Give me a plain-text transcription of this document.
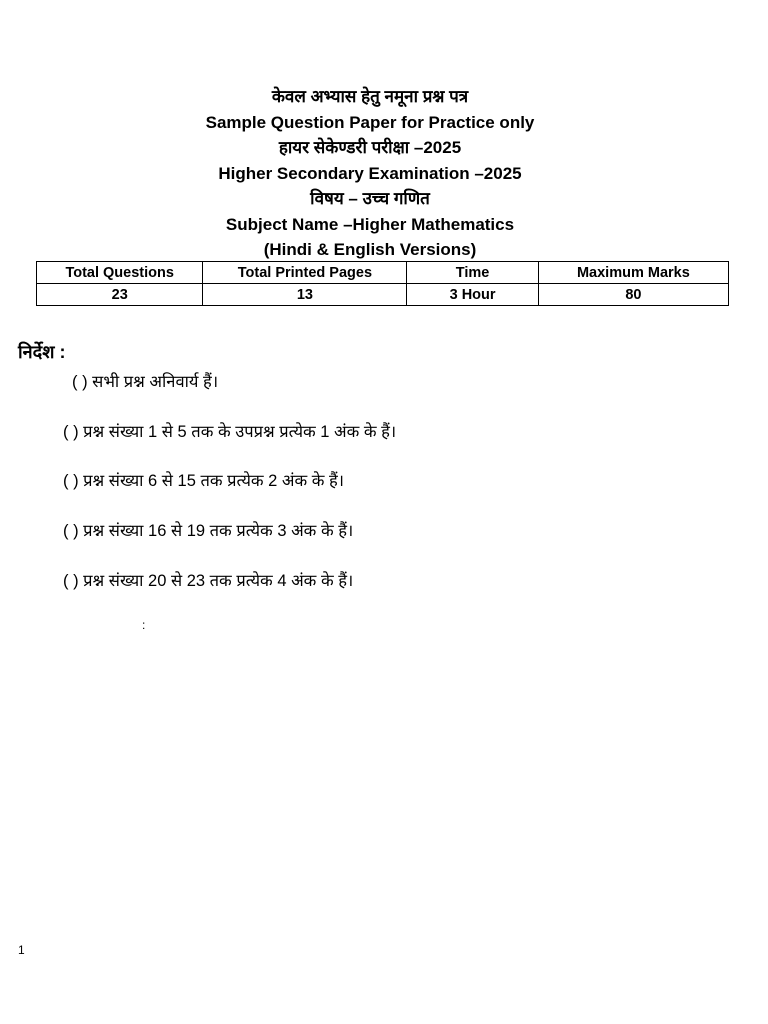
केवल अभ्यास हेतु नमूना प्रश्न पत्र
Sample Question Paper for Practice only
हायर सेकेण्डरी परीक्षा –2025
Higher Secondary Examination –2025
विषय – उच्च गणित
Subject Name –Higher Mathematics
(Hindi & English Versions)
Total Questions	Total Printed Pages	Time	Maximum Marks
23	13	3 Hour	80
निर्देश :
( ) सभी प्रश्न अनिवार्य हैं।
( ) प्रश्न संख्या 1 से 5 तक के उपप्रश्न प्रत्येक 1 अंक के हैं।
( ) प्रश्न संख्या 6 से 15 तक प्रत्येक 2 अंक के हैं।
( ) प्रश्न संख्या 16 से 19 तक प्रत्येक 3 अंक के हैं।
( ) प्रश्न संख्या 20 से 23 तक प्रत्येक 4 अंक के हैं।
:
1
